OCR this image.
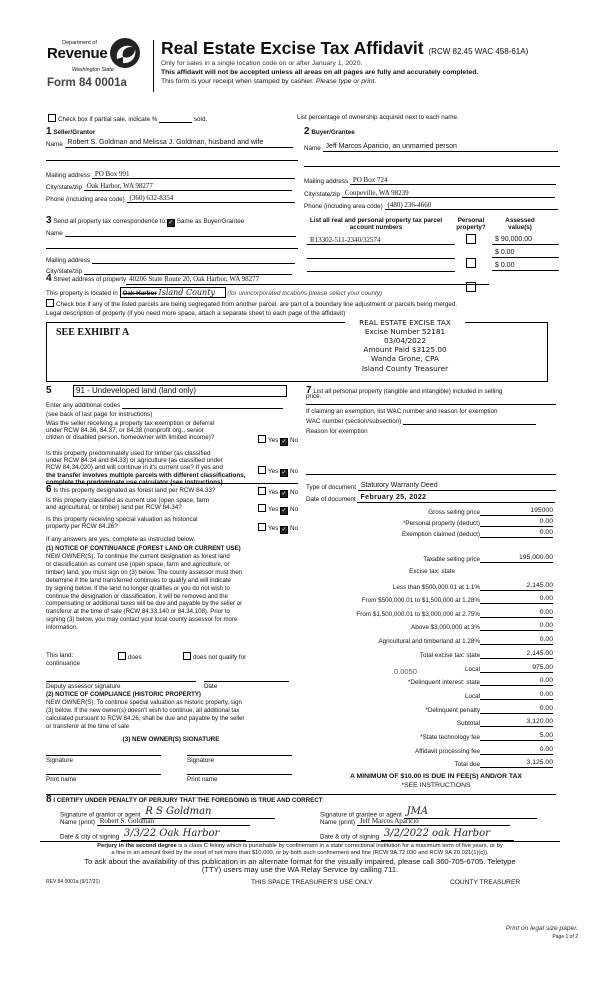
Department of
Revenue
Washington State
Form 84 0001a
Real Estate Excise Tax Affidavit (RCW 82.45 WAC 458-61A)
Only for sales in a single location code on or after January 1, 2020.
This affidavit will not be accepted unless all areas on all pages are fully and accurately completed.
This form is your receipt when stamped by cashier. Please type or print.
Check box if partial sale, indicate %	sold.	List percentage of ownership acquired next to each name.
1 Seller/Grantor
Name Robert S. Goldman and Melissa J. Goldman, husband and wife
Mailing address PO Box 991
City/state/zip Oak Harbor, WA 98277
Phone (including area code) (360) 632-8354
2 Buyer/Grantee
Name Jeff Marcos Aparicio, an unmarried person
Mailing address PO Box 724
City/state/zip Coupeville, WA 98239
Phone (including area code) (480) 236-4660
3 Send all property tax correspondence to:✓ Same as Buyer/Grantee
Name
Mailing address
City/state/zip
List all real and personal property tax parcel account numbers
Personal property?
Assessed value(s)
R13302-511-2340/32574	$ 90,000.00
$ 0.00
$ 0.00
4 Street address of property 40206 State Route 20, Oak Harbor, WA 98277
This property is located in Oak Harbor Island County (for unincorporated locations please select your county)
Check box if any of the listed parcels are being segregated from another parcel, are part of a boundary line adjustment or parcels being merged.
Legal description of property (if you need more space, attach a separate sheet to each page of the affidavit)
SEE EXHIBIT A
REAL ESTATE EXCISE TAX
Excise Number 52181
03/04/2022
Amount Paid $3125.00
Wanda Grone, CPA
Island County Treasurer
5	91 - Undeveloped land (land only)
Enter any additional codes
(see back of last page for instructions)
Was the seller receiving a property tax exemption or deferral
under RCW 84.36, 84.37, or 84.38 (nonprofit org., senior
citizen or disabled person, homeowner with limited income)?	Yes ✓ No
Is this property predominately used for timber (as classified
under RCW 84.34 and 84.33) or agriculture (as classified under
RCW 84.34.020) and will continue in it's current use? If yes and
the transfer involves multiple parcels with different classifications,
complete the predominate use calculator (see instructions)
Yes ✓ No
6 Is this property designated as forest land per RCW 84.33?	Yes ✓ No
Is this property classified as current use (open space, farm
and agricultural, or timber) land per RCW 84.34?	Yes ✓ No
Is this property receiving special valuation as historical
property per RCW 84.26?	Yes ✓ No
If any answers are yes, complete as instructed below.
(1) NOTICE OF CONTINUANCE (FOREST LAND OR CURRENT USE)
NEW OWNER(S): To continue the current designation as forest land
or classification as current use (open space, farm and agriculture, or
timber) land, you must sign on (3) below. The county assessor must then
determine if the land transferred continues to qualify and will indicate
by signing below. If the land no longer qualifies or you do not wish to
continue the designation or classification, it will be removed and the
compensating or additional taxes will be due and payable by the seller or
transferor at the time of sale (RCW 84.33.140 or 84.34.108). Prior to
signing (3) below, you may contact your local county assessor for more
information.
This land:
continuance
does	does not qualify for
Deputy assessor signature	Date
(2) NOTICE OF COMPLIANCE (HISTORIC PROPERTY)
NEW OWNER(S): To continue special valuation as historic property, sign
(3) below. If the new owner(s) doesn't wish to continue, all additional tax
calculated pursuant to RCW 84.26, shall be due and payable by the seller
or transferor at the time of sale
(3) NEW OWNER(S) SIGNATURE
Signature	Signature
Print name	Print name
7 List all personal property (tangible and intangible) included in selling
price.
If claiming an exemption, list WAC number and reason for exemption
WAC number (section/subsection)
Reason for exemption
Type of document Statutory Warranty Deed
Date of document February 25, 2022
Gross selling price	195000
*Personal property (deduct)	0.00
Exemption claimed (deduct)	0.00
Taxable selling price	195,000.00
Excise tax: state
Less than $500,000.01 at 1.1%	2,145.00
From $500,000.01 to $1,500,000 at 1.28%	0.00
From $1,500,000.01 to $3,000,000 at 2.75%	0.00
Above $3,000,000 at 3%	0.00
Agricultural and timberland at 1.28%	0.00
Total excise tax: state	2,145.00
Local	975.00
*Delinquent interest: state	0.00
Local	0.00
*Delinquent penalty	0.00
Subtotal	3,120.00
*State technology fee	5.00
Affidavit processing fee	0.00
Total due	3,125.00
0.0050
A MINIMUM OF $10.00 IS DUE IN FEE(S) AND/OR TAX
*SEE INSTRUCTIONS
8 I CERTIFY UNDER PENALTY OF PERJURY THAT THE FOREGOING IS TRUE AND CORRECT
Signature of grantor or agent R S Goldman
Name (print) Robert S. Goldman
Date & city of signing 3/3/22 Oak Harbor
Signature of grantee or agent JMA
Name (print) Jeff Marcos Aparicio
Date & city of signing 3/2/2022 oak Harbor
Perjury in the second degree is a class C felony which is punishable by confinement in a state correctional institution for a maximum term of five years, or by
a fine in an amount fixed by the court of not more than $10,000, or by both such confinement and fine (RCW 9A.72.030 and RCW 9A.20.021(1)(c)).
To ask about the availability of this publication in an alternate format for the visually impaired, please call 360-705-6705. Teletype
(TTY) users may use the WA Relay Service by calling 711.
REV 84 0001a (9/17/21)	THIS SPACE TREASURER'S USE ONLY	COUNTY TREASURER
Print on legal size paper.
Page 1 of 2
